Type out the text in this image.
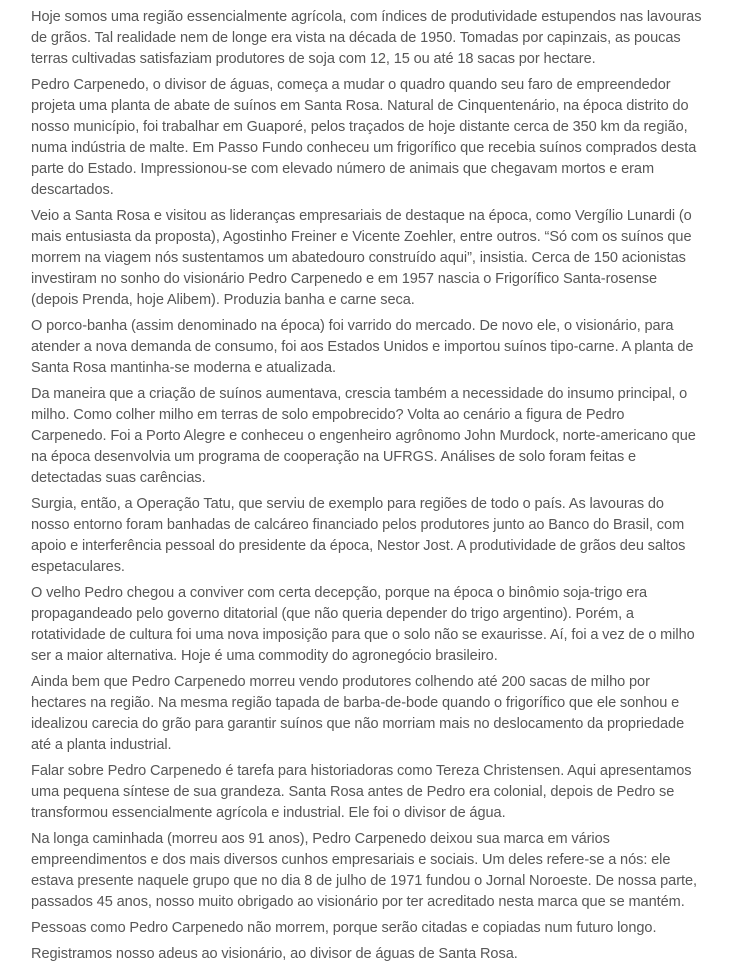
Hoje somos uma região essencialmente agrícola, com índices de produtividade estupendos nas lavouras de grãos. Tal realidade nem de longe era vista na década de 1950. Tomadas por capinzais, as poucas terras cultivadas satisfaziam produtores de soja com 12, 15 ou até 18 sacas por hectare.

Pedro Carpenedo, o divisor de águas, começa a mudar o quadro quando seu faro de empreendedor projeta uma planta de abate de suínos em Santa Rosa. Natural de Cinquentenário, na época distrito do nosso município, foi trabalhar em Guaporé, pelos traçados de hoje distante cerca de 350 km da região, numa indústria de malte. Em Passo Fundo conheceu um frigorífico que recebia suínos comprados desta parte do Estado. Impressionou-se com elevado número de animais que chegavam mortos e eram descartados.

Veio a Santa Rosa e visitou as lideranças empresariais de destaque na época, como Vergílio Lunardi (o mais entusiasta da proposta), Agostinho Freiner e Vicente Zoehler, entre outros. “Só com os suínos que morrem na viagem nós sustentamos um abatedouro construído aqui”, insistia. Cerca de 150 acionistas investiram no sonho do visionário Pedro Carpenedo e em 1957 nascia o Frigorífico Santa-rosense (depois Prenda, hoje Alibem). Produzia banha e carne seca.

O porco-banha (assim denominado na época) foi varrido do mercado. De novo ele, o visionário, para atender a nova demanda de consumo, foi aos Estados Unidos e importou suínos tipo-carne. A planta de Santa Rosa mantinha-se moderna e atualizada.

Da maneira que a criação de suínos aumentava, crescia também a necessidade do insumo principal, o milho. Como colher milho em terras de solo empobrecido? Volta ao cenário a figura de Pedro Carpenedo. Foi a Porto Alegre e conheceu o engenheiro agrônomo John Murdock, norte-americano que na época desenvolvia um programa de cooperação na UFRGS. Análises de solo foram feitas e detectadas suas carências.

Surgia, então, a Operação Tatu, que serviu de exemplo para regiões de todo o país. As lavouras do nosso entorno foram banhadas de calcáreo financiado pelos produtores junto ao Banco do Brasil, com apoio e interferência pessoal do presidente da época, Nestor Jost. A produtividade de grãos deu saltos espetaculares.

O velho Pedro chegou a conviver com certa decepção, porque na época o binômio soja-trigo era propagandeado pelo governo ditatorial (que não queria depender do trigo argentino). Porém, a rotatividade de cultura foi uma nova imposição para que o solo não se exaurisse. Aí, foi a vez de o milho ser a maior alternativa. Hoje é uma commodity do agronegócio brasileiro.

Ainda bem que Pedro Carpenedo morreu vendo produtores colhendo até 200 sacas de milho por hectares na região. Na mesma região tapada de barba-de-bode quando o frigorífico que ele sonhou e idealizou carecia do grão para garantir suínos que não morriam mais no deslocamento da propriedade até a planta industrial.

Falar sobre Pedro Carpenedo é tarefa para historiadoras como Tereza Christensen. Aqui apresentamos uma pequena síntese de sua grandeza. Santa Rosa antes de Pedro era colonial, depois de Pedro se transformou essencialmente agrícola e industrial. Ele foi o divisor de água.

Na longa caminhada (morreu aos 91 anos), Pedro Carpenedo deixou sua marca em vários empreendimentos e dos mais diversos cunhos empresariais e sociais. Um deles refere-se a nós: ele estava presente naquele grupo que no dia 8 de julho de 1971 fundou o Jornal Noroeste. De nossa parte, passados 45 anos, nosso muito obrigado ao visionário por ter acreditado nesta marca que se mantém.

Pessoas como Pedro Carpenedo não morrem, porque serão citadas e copiadas num futuro longo.

Registramos nosso adeus ao visionário, ao divisor de águas de Santa Rosa.
